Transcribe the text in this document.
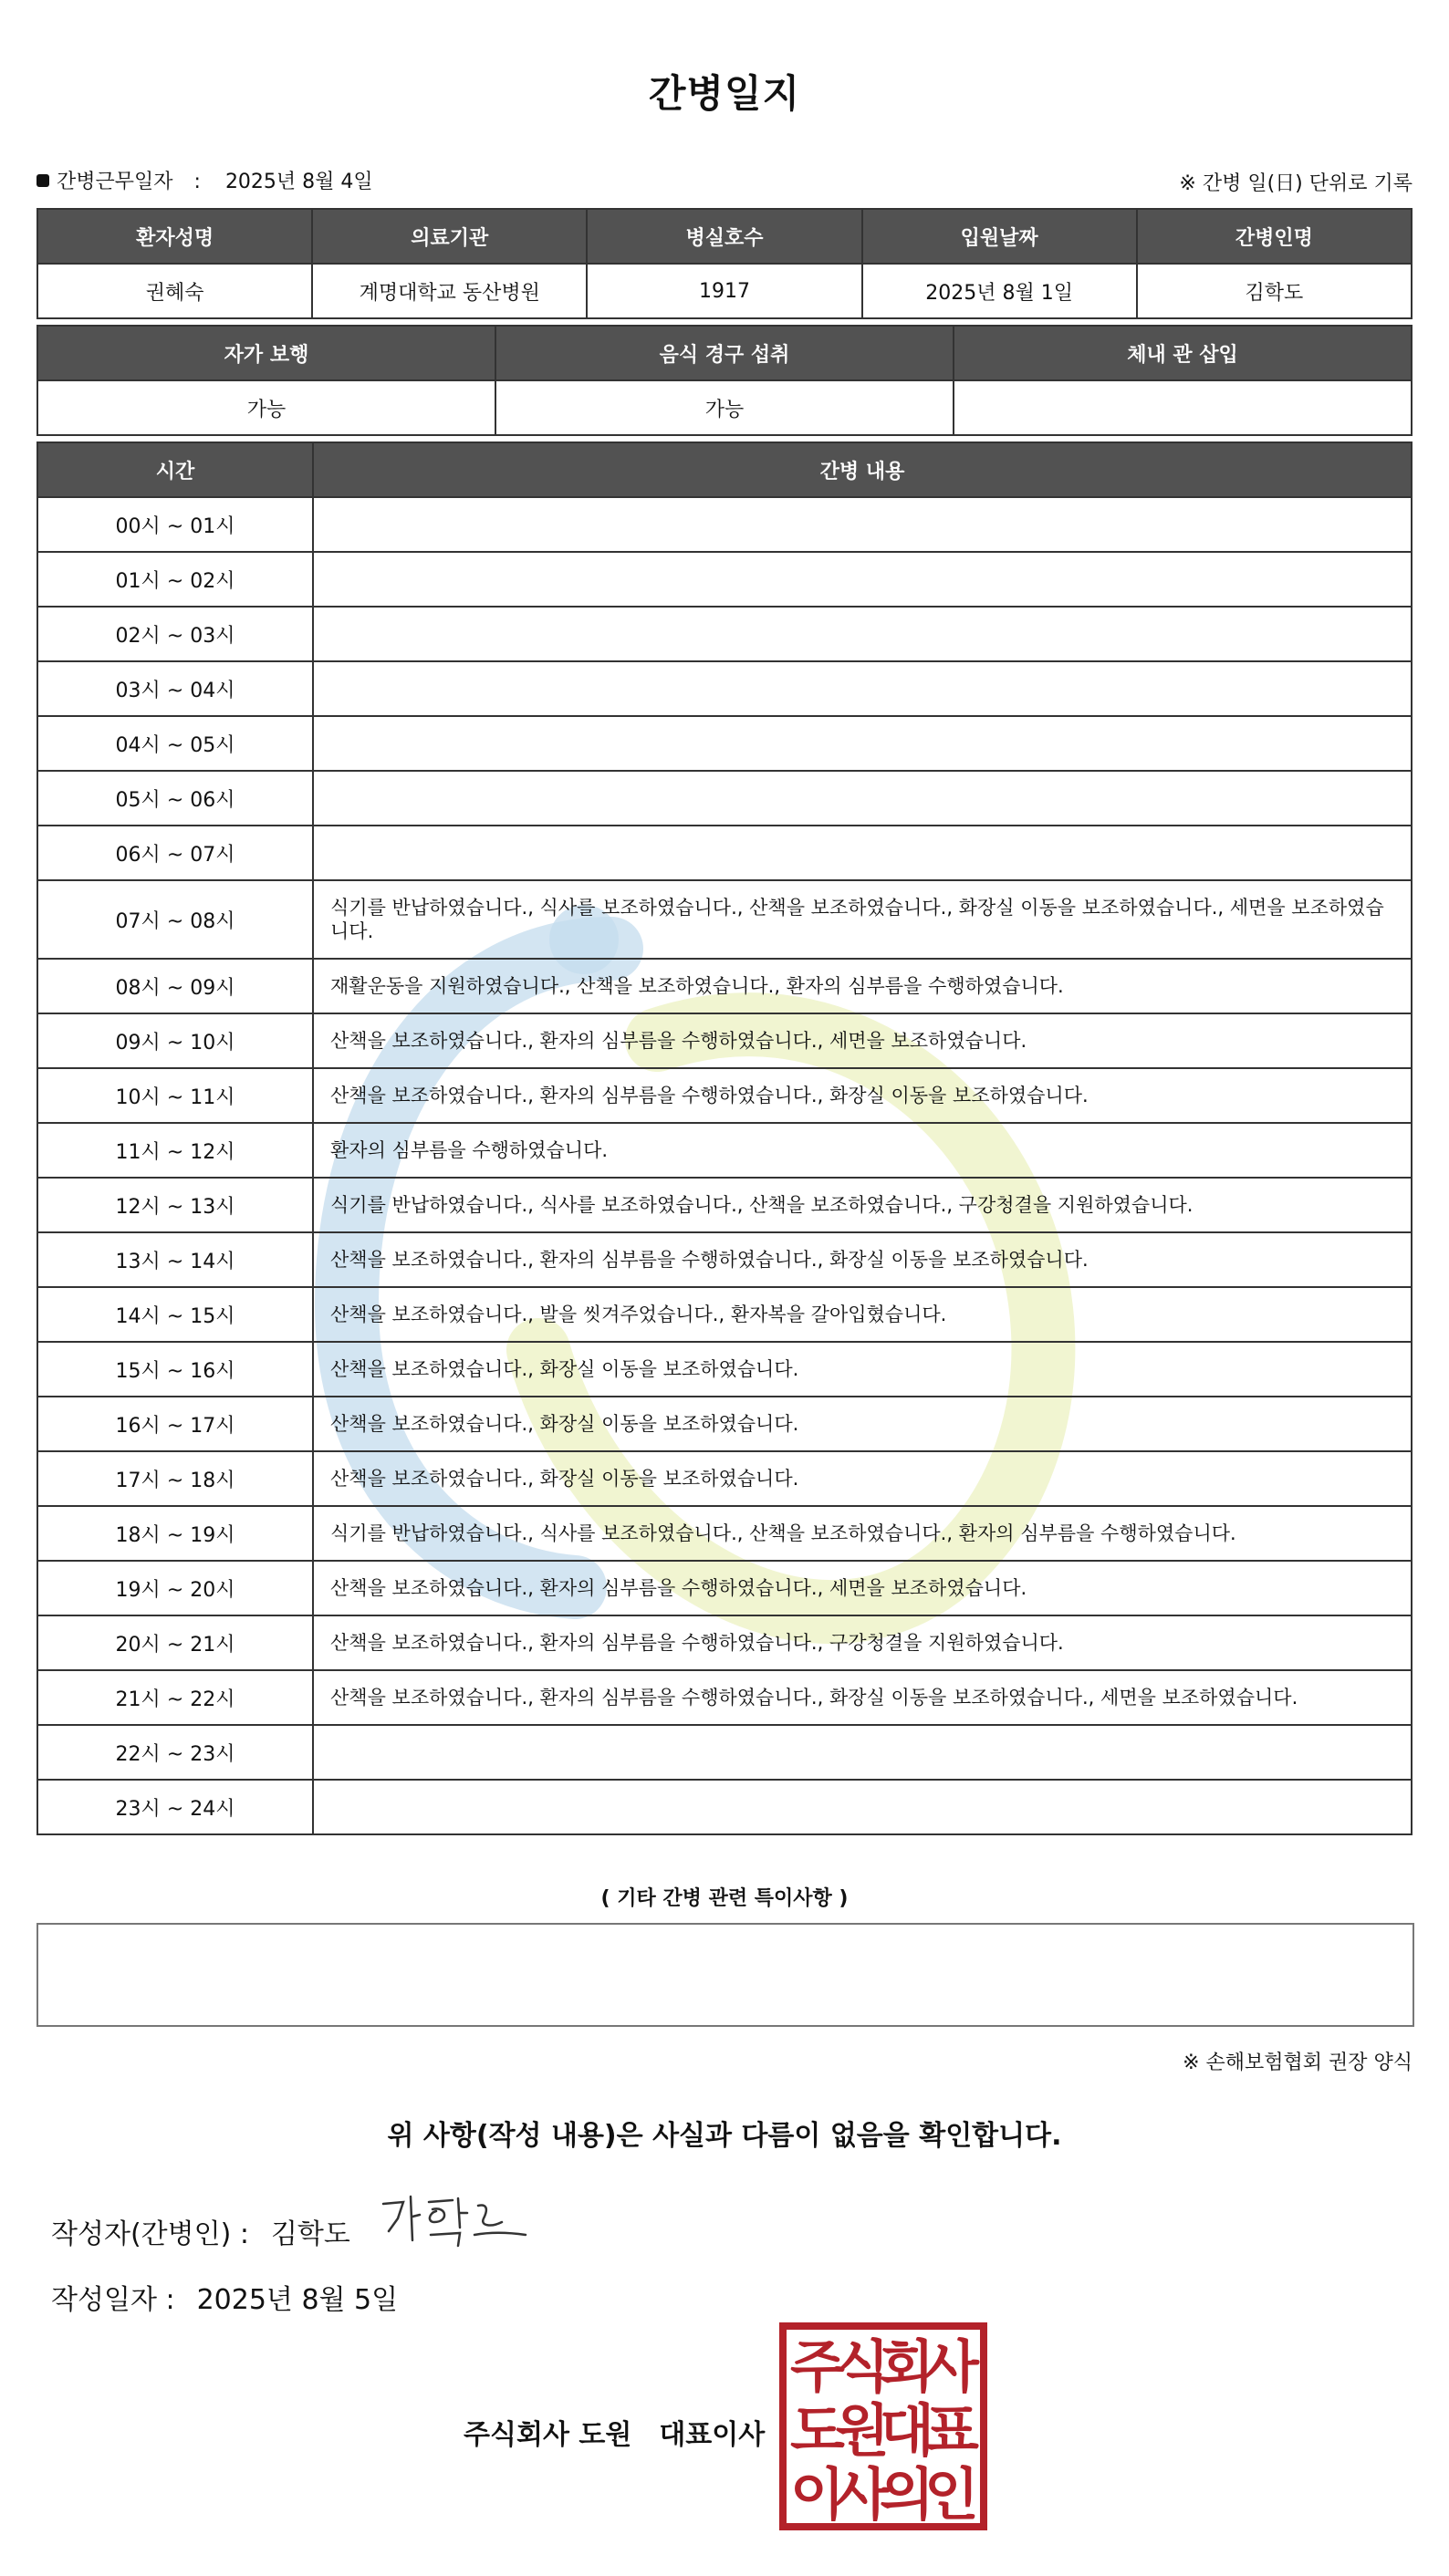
간병일지
간병근무일자 : 2025년 8월 4일	※ 간병 일(日) 단위로 기록
환자성명	의료기관	병실호수	입원날짜	간병인명
권혜숙	계명대학교 동산병원	1917	2025년 8월 1일	김학도
자가 보행	음식 경구 섭취	체내 관 삽입
가능	가능	
시간	간병 내용
00시 ~ 01시	
01시 ~ 02시	
02시 ~ 03시	
03시 ~ 04시	
04시 ~ 05시	
05시 ~ 06시	
06시 ~ 07시	
07시 ~ 08시	식기를 반납하였습니다., 식사를 보조하였습니다., 산책을 보조하였습니다., 화장실 이동을 보조하였습니다., 세면을 보조하였습니다.
08시 ~ 09시	재활운동을 지원하였습니다., 산책을 보조하였습니다., 환자의 심부름을 수행하였습니다.
09시 ~ 10시	산책을 보조하였습니다., 환자의 심부름을 수행하였습니다., 세면을 보조하였습니다.
10시 ~ 11시	산책을 보조하였습니다., 환자의 심부름을 수행하였습니다., 화장실 이동을 보조하였습니다.
11시 ~ 12시	환자의 심부름을 수행하였습니다.
12시 ~ 13시	식기를 반납하였습니다., 식사를 보조하였습니다., 산책을 보조하였습니다., 구강청결을 지원하였습니다.
13시 ~ 14시	산책을 보조하였습니다., 환자의 심부름을 수행하였습니다., 화장실 이동을 보조하였습니다.
14시 ~ 15시	산책을 보조하였습니다., 발을 씻겨주었습니다., 환자복을 갈아입혔습니다.
15시 ~ 16시	산책을 보조하였습니다., 화장실 이동을 보조하였습니다.
16시 ~ 17시	산책을 보조하였습니다., 화장실 이동을 보조하였습니다.
17시 ~ 18시	산책을 보조하였습니다., 화장실 이동을 보조하였습니다.
18시 ~ 19시	식기를 반납하였습니다., 식사를 보조하였습니다., 산책을 보조하였습니다., 환자의 심부름을 수행하였습니다.
19시 ~ 20시	산책을 보조하였습니다., 환자의 심부름을 수행하였습니다., 세면을 보조하였습니다.
20시 ~ 21시	산책을 보조하였습니다., 환자의 심부름을 수행하였습니다., 구강청결을 지원하였습니다.
21시 ~ 22시	산책을 보조하였습니다., 환자의 심부름을 수행하였습니다., 화장실 이동을 보조하였습니다., 세면을 보조하였습니다.
22시 ~ 23시	
23시 ~ 24시	
( 기타 간병 관련 특이사항 )
※ 손해보험협회 권장 양식
위 사항(작성 내용)은 사실과 다름이 없음을 확인합니다.
작성자(간병인) : 김학도
작성일자 : 2025년 8월 5일
주식회사 도원 대표이사
주
식
회
사
도
원
대
표
이
사
의
인
